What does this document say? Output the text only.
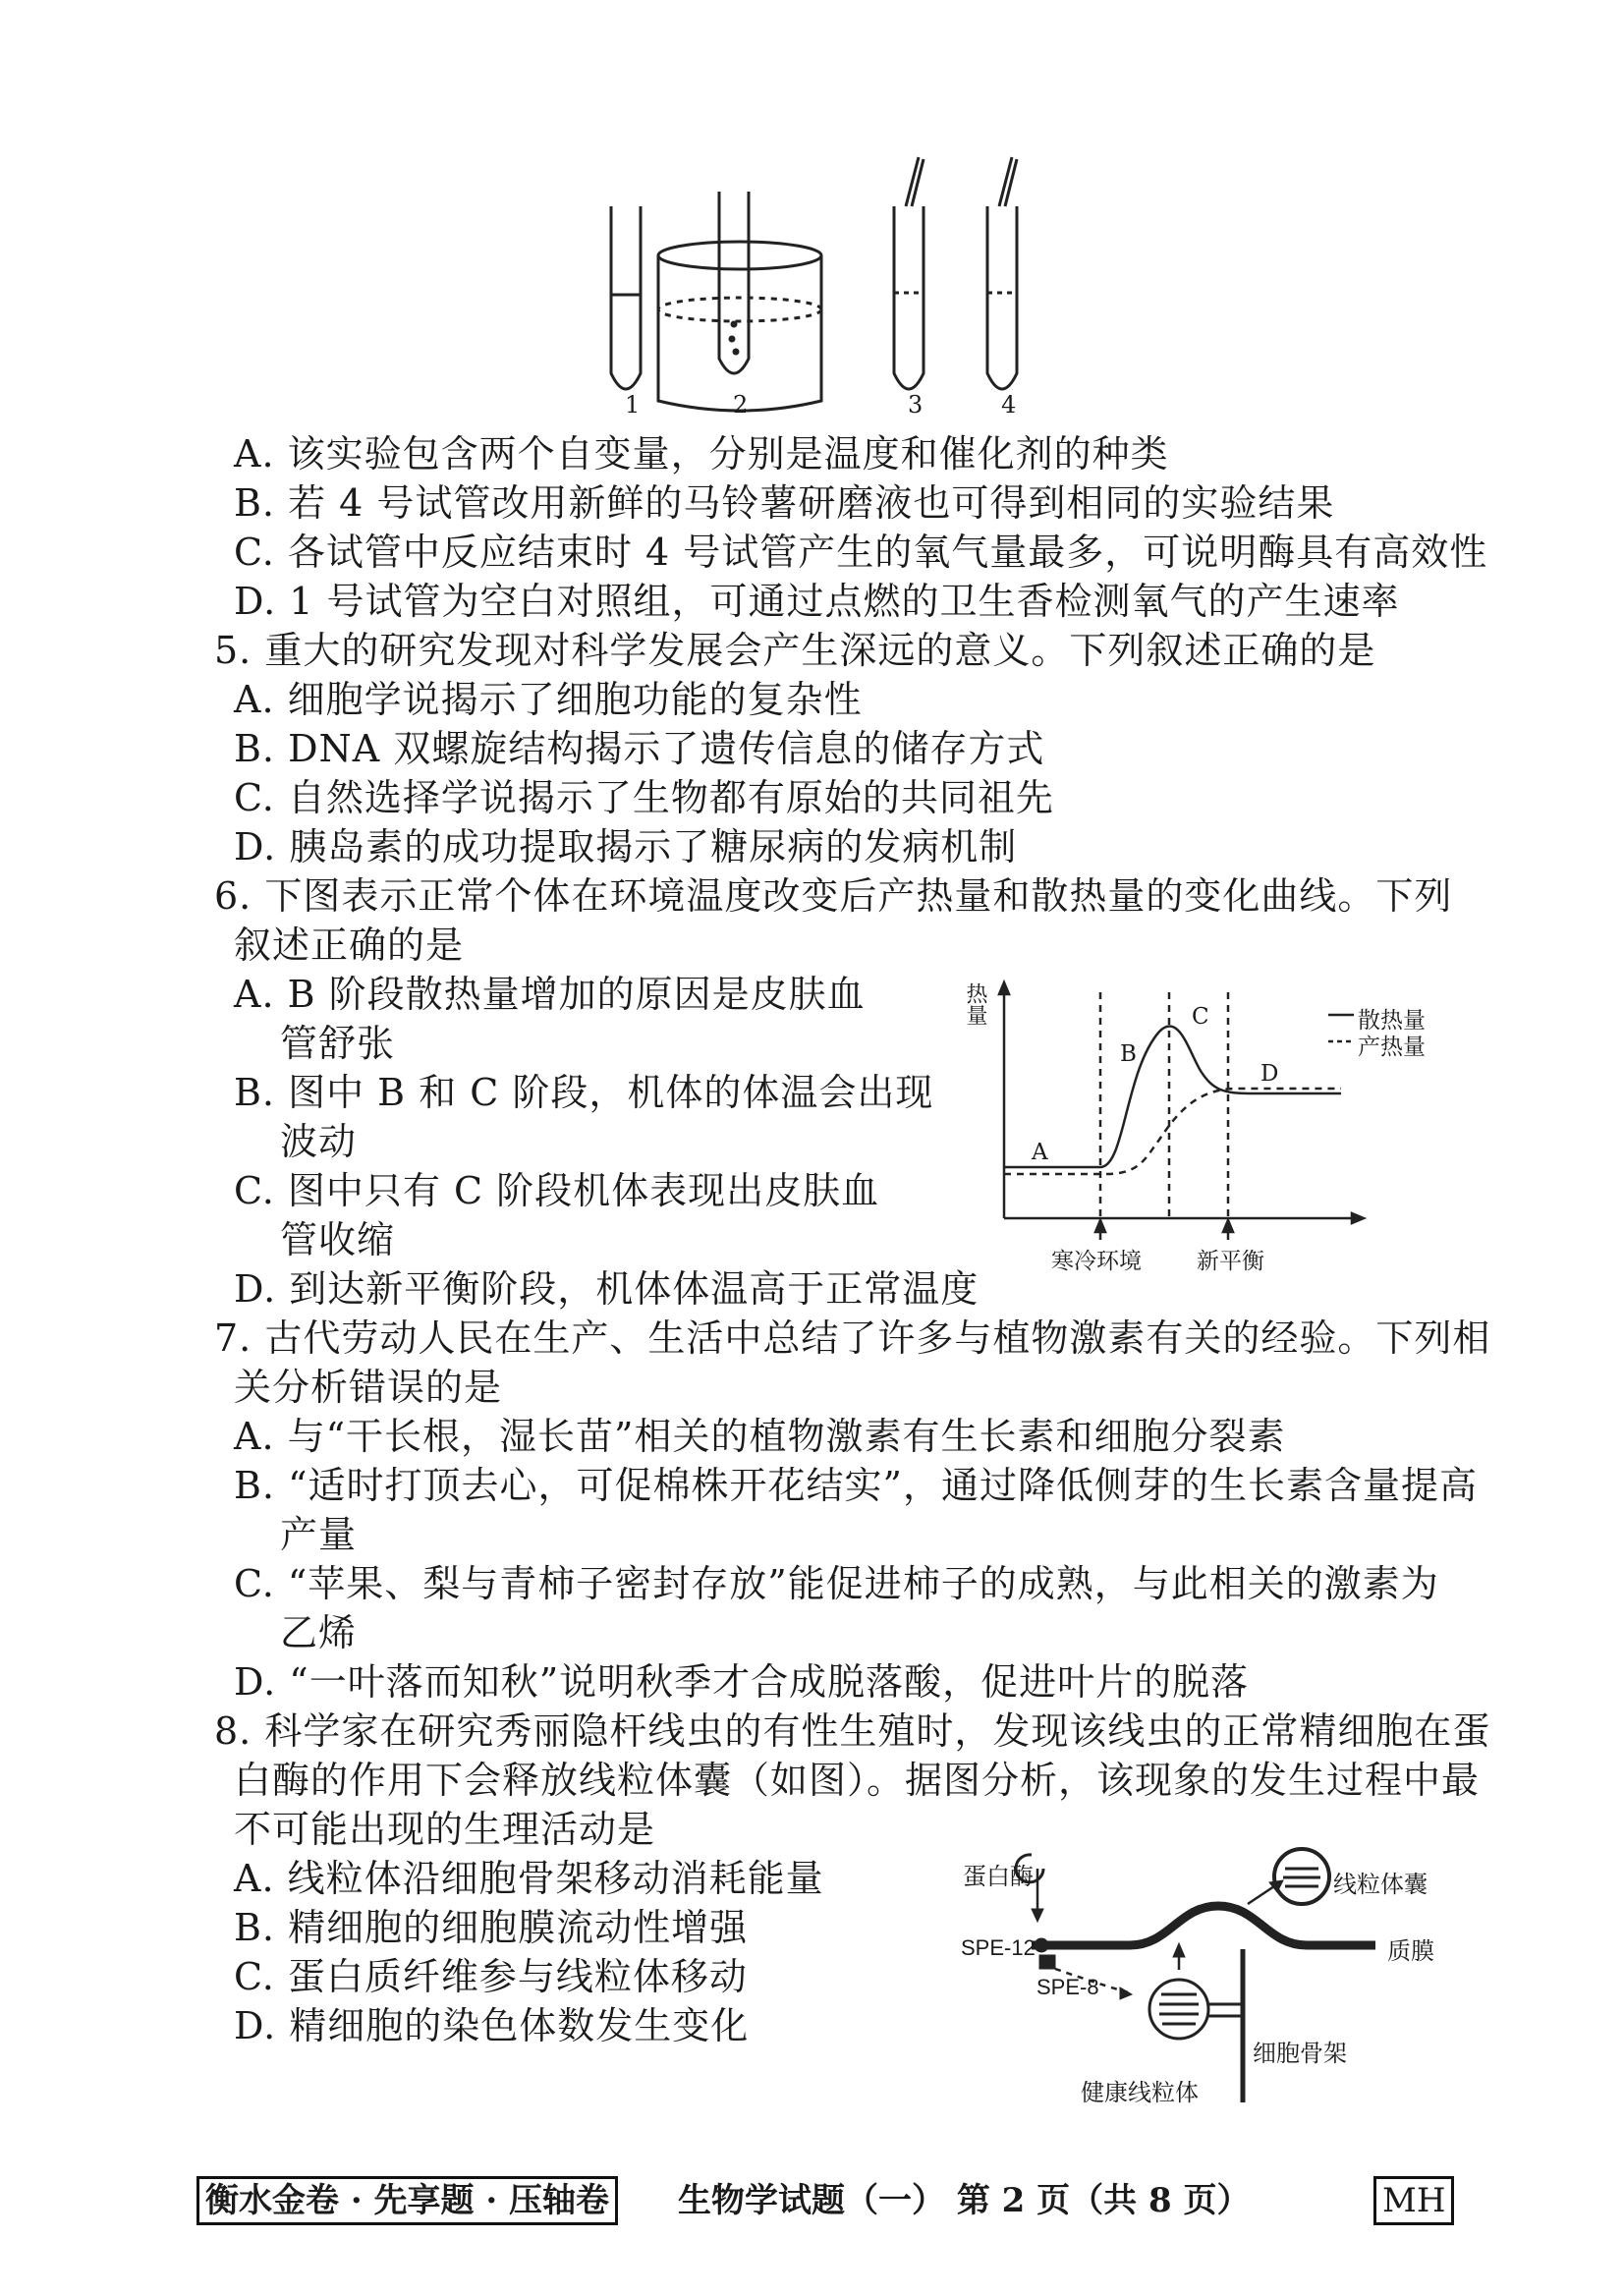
1	2	3	4
A. 该实验包含两个自变量，分别是温度和催化剂的种类
B. 若 4 号试管改用新鲜的马铃薯研磨液也可得到相同的实验结果
C. 各试管中反应结束时 4 号试管产生的氧气量最多，可说明酶具有高效性
D. 1 号试管为空白对照组，可通过点燃的卫生香检测氧气的产生速率
5. 重大的研究发现对科学发展会产生深远的意义。下列叙述正确的是
A. 细胞学说揭示了细胞功能的复杂性
B. DNA 双螺旋结构揭示了遗传信息的储存方式
C. 自然选择学说揭示了生物都有原始的共同祖先
D. 胰岛素的成功提取揭示了糖尿病的发病机制
6. 下图表示正常个体在环境温度改变后产热量和散热量的变化曲线。下列
叙述正确的是
A. B 阶段散热量增加的原因是皮肤血
管舒张
B. 图中 B 和 C 阶段，机体的体温会出现
波动
C. 图中只有 C 阶段机体表现出皮肤血
管收缩
D. 到达新平衡阶段，机体体温高于正常温度
热量	散热量
产热量
A
B
C
D
寒冷环境 新平衡
7. 古代劳动人民在生产、生活中总结了许多与植物激素有关的经验。下列相
关分析错误的是
A. 与“干长根，湿长苗”相关的植物激素有生长素和细胞分裂素
B. “适时打顶去心，可促棉株开花结实”，通过降低侧芽的生长素含量提高
产量
C. “苹果、梨与青柿子密封存放”能促进柿子的成熟，与此相关的激素为
乙烯
D. “一叶落而知秋”说明秋季才合成脱落酸，促进叶片的脱落
8. 科学家在研究秀丽隐杆线虫的有性生殖时，发现该线虫的正常精细胞在蛋
白酶的作用下会释放线粒体囊（如图）。据图分析，该现象的发生过程中最
不可能出现的生理活动是
A. 线粒体沿细胞骨架移动消耗能量
B. 精细胞的细胞膜流动性增强
C. 蛋白质纤维参与线粒体移动
D. 精细胞的染色体数发生变化
蛋白酶	线粒体囊
SPE-12	质膜
SPE-8
细胞骨架
健康线粒体
衡水金卷 · 先享题 · 压轴卷 生物学试题（一） 第 2 页（共 8 页）	MH
